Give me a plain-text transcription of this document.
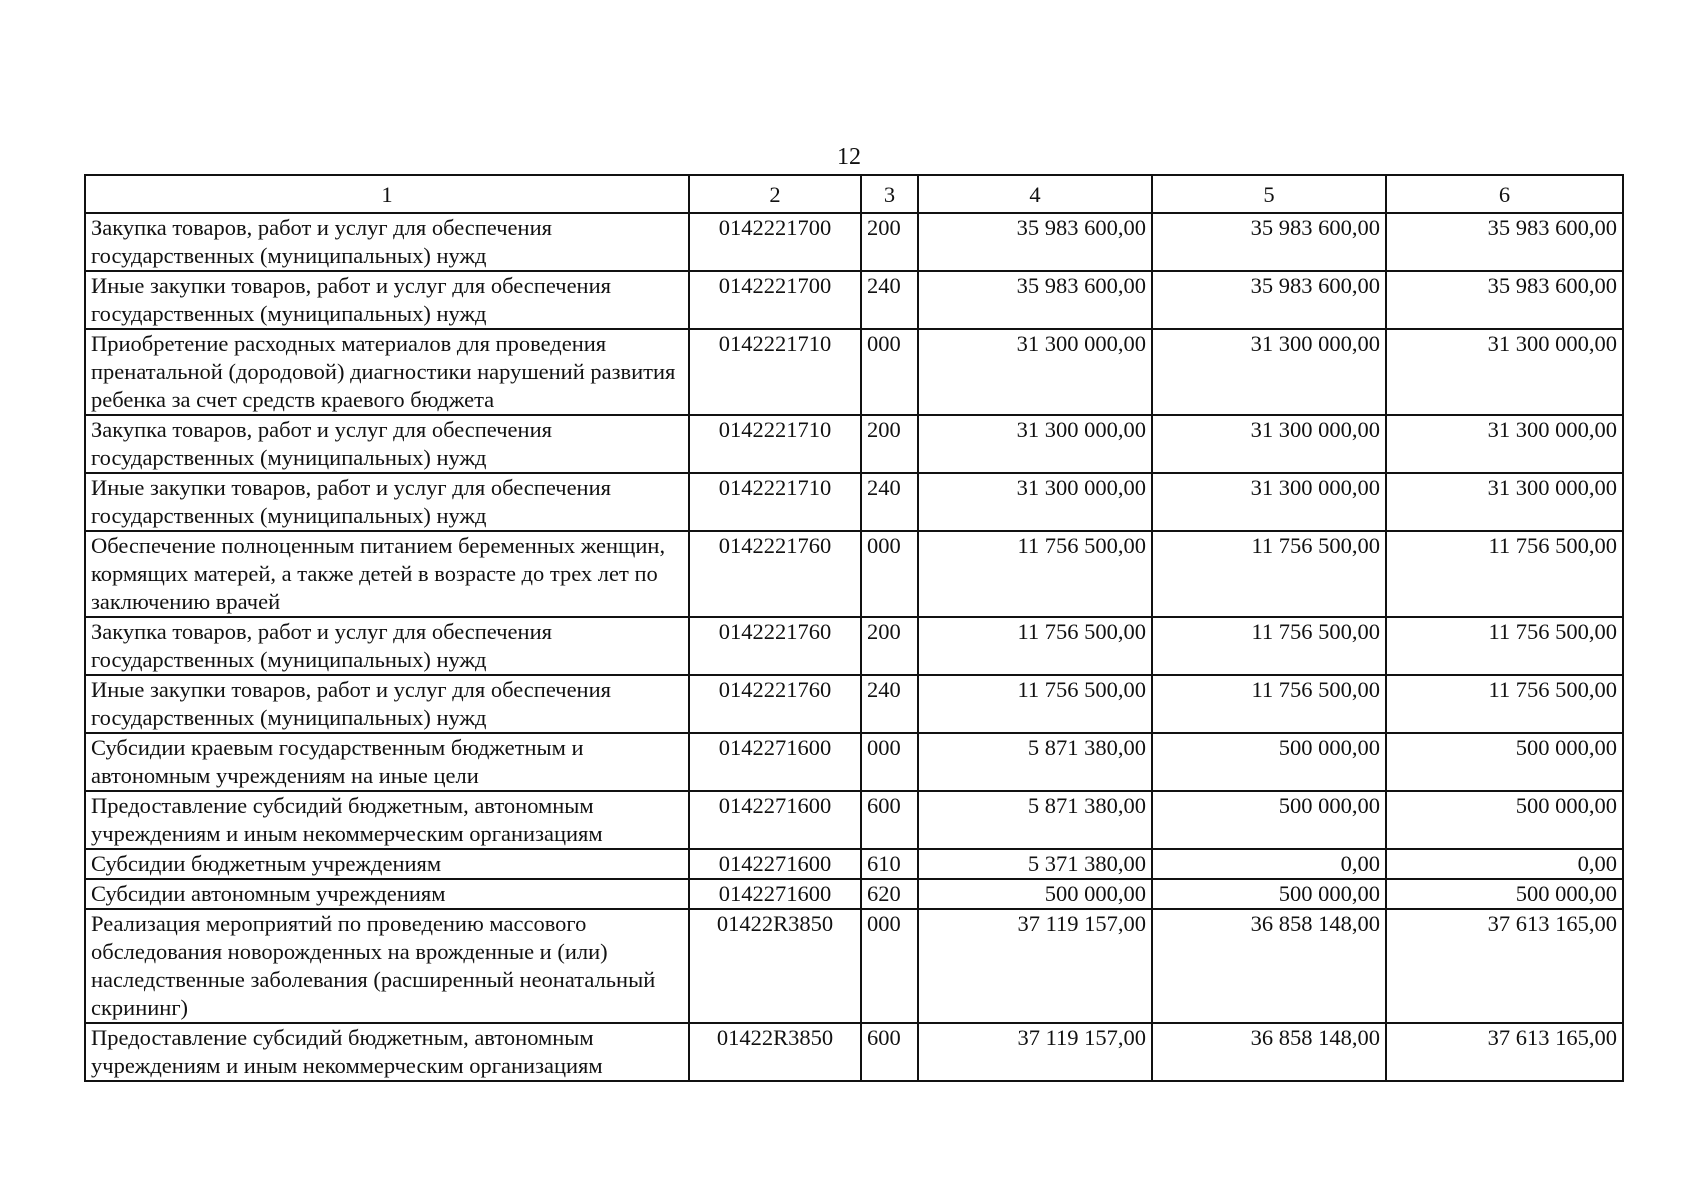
12
1	2	3	4	5	6
Закупка товаров, работ и услуг для обеспечения государственных (муниципальных) нужд	0142221700	200	35 983 600,00	35 983 600,00	35 983 600,00
Иные закупки товаров, работ и услуг для обеспечения государственных (муниципальных) нужд	0142221700	240	35 983 600,00	35 983 600,00	35 983 600,00
Приобретение расходных материалов для проведения пренатальной (дородовой) диагностики нарушений развития ребенка за счет средств краевого бюджета	0142221710	000	31 300 000,00	31 300 000,00	31 300 000,00
Закупка товаров, работ и услуг для обеспечения государственных (муниципальных) нужд	0142221710	200	31 300 000,00	31 300 000,00	31 300 000,00
Иные закупки товаров, работ и услуг для обеспечения государственных (муниципальных) нужд	0142221710	240	31 300 000,00	31 300 000,00	31 300 000,00
Обеспечение полноценным питанием беременных женщин, кормящих матерей, а также детей в возрасте до трех лет по заключению врачей	0142221760	000	11 756 500,00	11 756 500,00	11 756 500,00
Закупка товаров, работ и услуг для обеспечения государственных (муниципальных) нужд	0142221760	200	11 756 500,00	11 756 500,00	11 756 500,00
Иные закупки товаров, работ и услуг для обеспечения государственных (муниципальных) нужд	0142221760	240	11 756 500,00	11 756 500,00	11 756 500,00
Субсидии краевым государственным бюджетным и автономным учреждениям на иные цели	0142271600	000	5 871 380,00	500 000,00	500 000,00
Предоставление субсидий бюджетным, автономным учреждениям и иным некоммерческим организациям	0142271600	600	5 871 380,00	500 000,00	500 000,00
Субсидии бюджетным учреждениям	0142271600	610	5 371 380,00	0,00	0,00
Субсидии автономным учреждениям	0142271600	620	500 000,00	500 000,00	500 000,00
Реализация мероприятий по проведению массового обследования новорожденных на врожденные и (или) наследственные заболевания (расширенный неонатальный скрининг)	01422R3850	000	37 119 157,00	36 858 148,00	37 613 165,00
Предоставление субсидий бюджетным, автономным учреждениям и иным некоммерческим организациям	01422R3850	600	37 119 157,00	36 858 148,00	37 613 165,00
